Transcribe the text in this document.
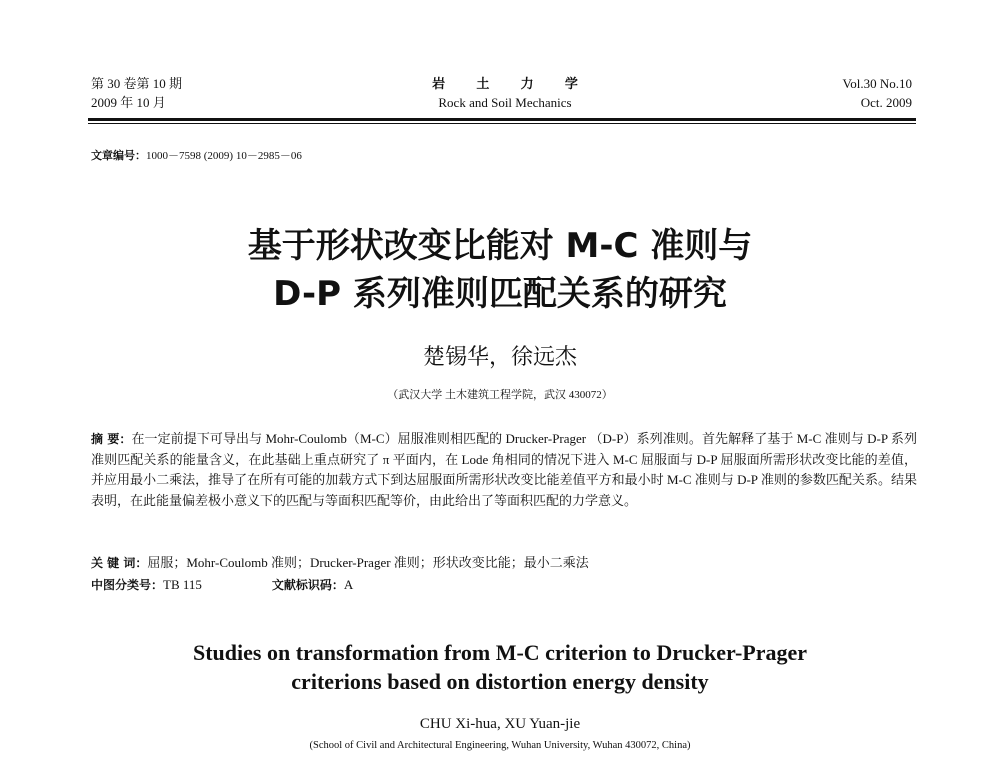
第 30 卷第 10 期
2009 年 10 月
岩 土 力 学
Rock and Soil Mechanics
Vol.30 No.10
Oct. 2009
文章编号：1000－7598 (2009) 10－2985－06
基于形状改变比能对 M-C 准则与
D-P 系列准则匹配关系的研究
楚锡华，徐远杰
（武汉大学 土木建筑工程学院，武汉 430072）
摘 要：在一定前提下可导出与 Mohr-Coulomb（M-C）屈服准则相匹配的 Drucker-Prager （D-P）系列准则。首先解释了基于 M-C 准则与 D-P 系列准则匹配关系的能量含义，在此基础上重点研究了 π 平面内，在 Lode 角相同的情况下进入 M-C 屈服面与 D-P 屈服面所需形状改变比能的差值，并应用最小二乘法，推导了在所有可能的加载方式下到达屈服面所需形状改变比能差值平方和最小时 M-C 准则与 D-P 准则的参数匹配关系。结果表明，在此能量偏差极小意义下的匹配与等面积匹配等价，由此给出了等面积匹配的力学意义。
关 键 词：屈服；Mohr-Coulomb 准则；Drucker-Prager 准则；形状改变比能；最小二乘法
中图分类号：TB 115	文献标识码：A
Studies on transformation from M-C criterion to Drucker-Prager
criterions based on distortion energy density
CHU Xi-hua, XU Yuan-jie
(School of Civil and Architectural Engineering, Wuhan University, Wuhan 430072, China)
